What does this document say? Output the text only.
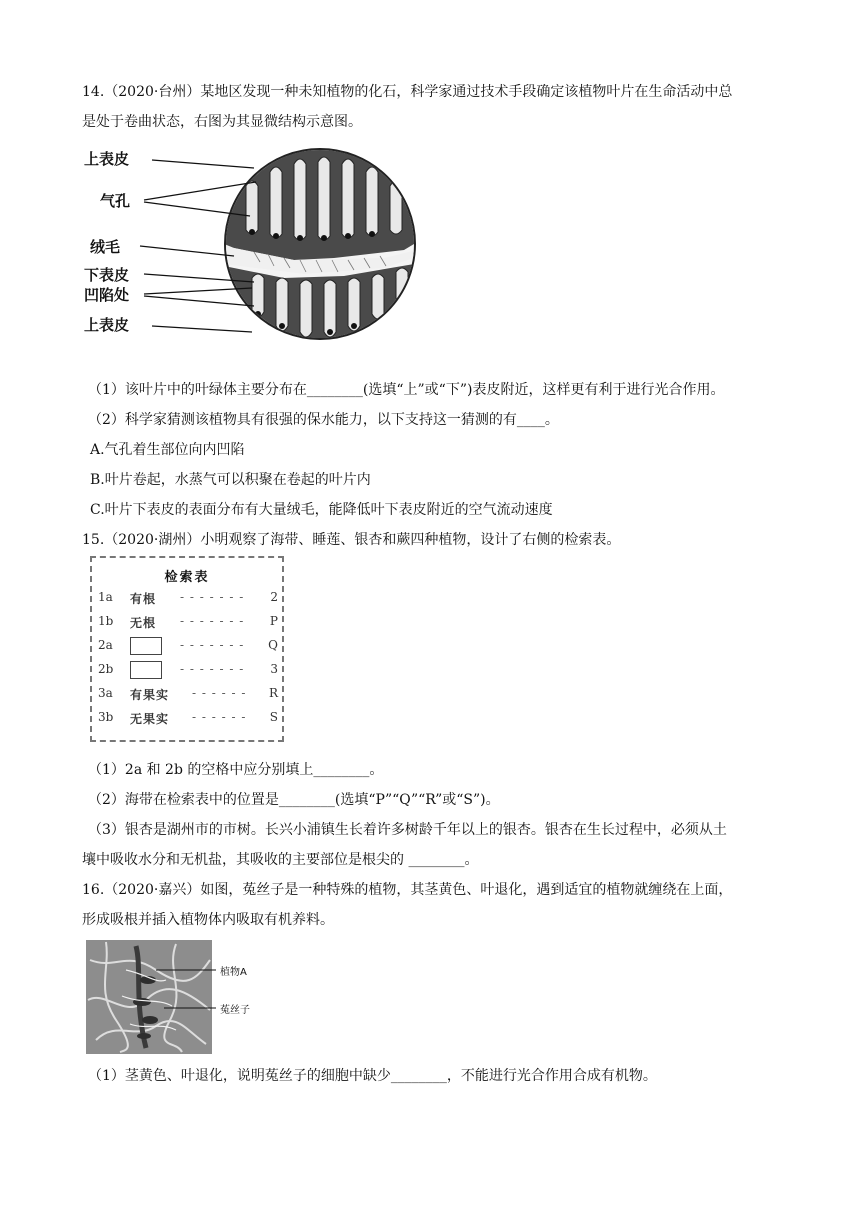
14.（2020·台州）某地区发现一种未知植物的化石，科学家通过技术手段确定该植物叶片在生命活动中总
是处于卷曲状态，右图为其显微结构示意图。
上表皮
气孔
绒毛
下表皮
凹陷处
上表皮
（1）该叶片中的叶绿体主要分布在________(选填“上”或“下”)表皮附近，这样更有利于进行光合作用。
（2）科学家猜测该植物具有很强的保水能力，以下支持这一猜测的有____。
A.气孔着生部位向内凹陷
B.叶片卷起，水蒸气可以积聚在卷起的叶片内
C.叶片下表皮的表面分布有大量绒毛，能降低叶下表皮附近的空气流动速度
15.（2020·湖州）小明观察了海带、睡莲、银杏和蕨四种植物，设计了右侧的检索表。
检索表
1a 有根 - - - - - - - 2
1b 无根 - - - - - - - P
2a	- - - - - - - Q
2b	- - - - - - - 3
3a 有果实 - - - - - - R
3b 无果实 - - - - - - S
（1）2a 和 2b 的空格中应分别填上________。
（2）海带在检索表中的位置是________(选填“P”“Q”“R”或“S”)。
（3）银杏是湖州市的市树。长兴小浦镇生长着许多树龄千年以上的银杏。银杏在生长过程中，必须从土
壤中吸收水分和无机盐，其吸收的主要部位是根尖的 ________。
16.（2020·嘉兴）如图，菟丝子是一种特殊的植物，其茎黄色、叶退化，遇到适宜的植物就缠绕在上面，
形成吸根并插入植物体内吸取有机养料。
植物A
菟丝子
（1）茎黄色、叶退化，说明菟丝子的细胞中缺少________，不能进行光合作用合成有机物。
